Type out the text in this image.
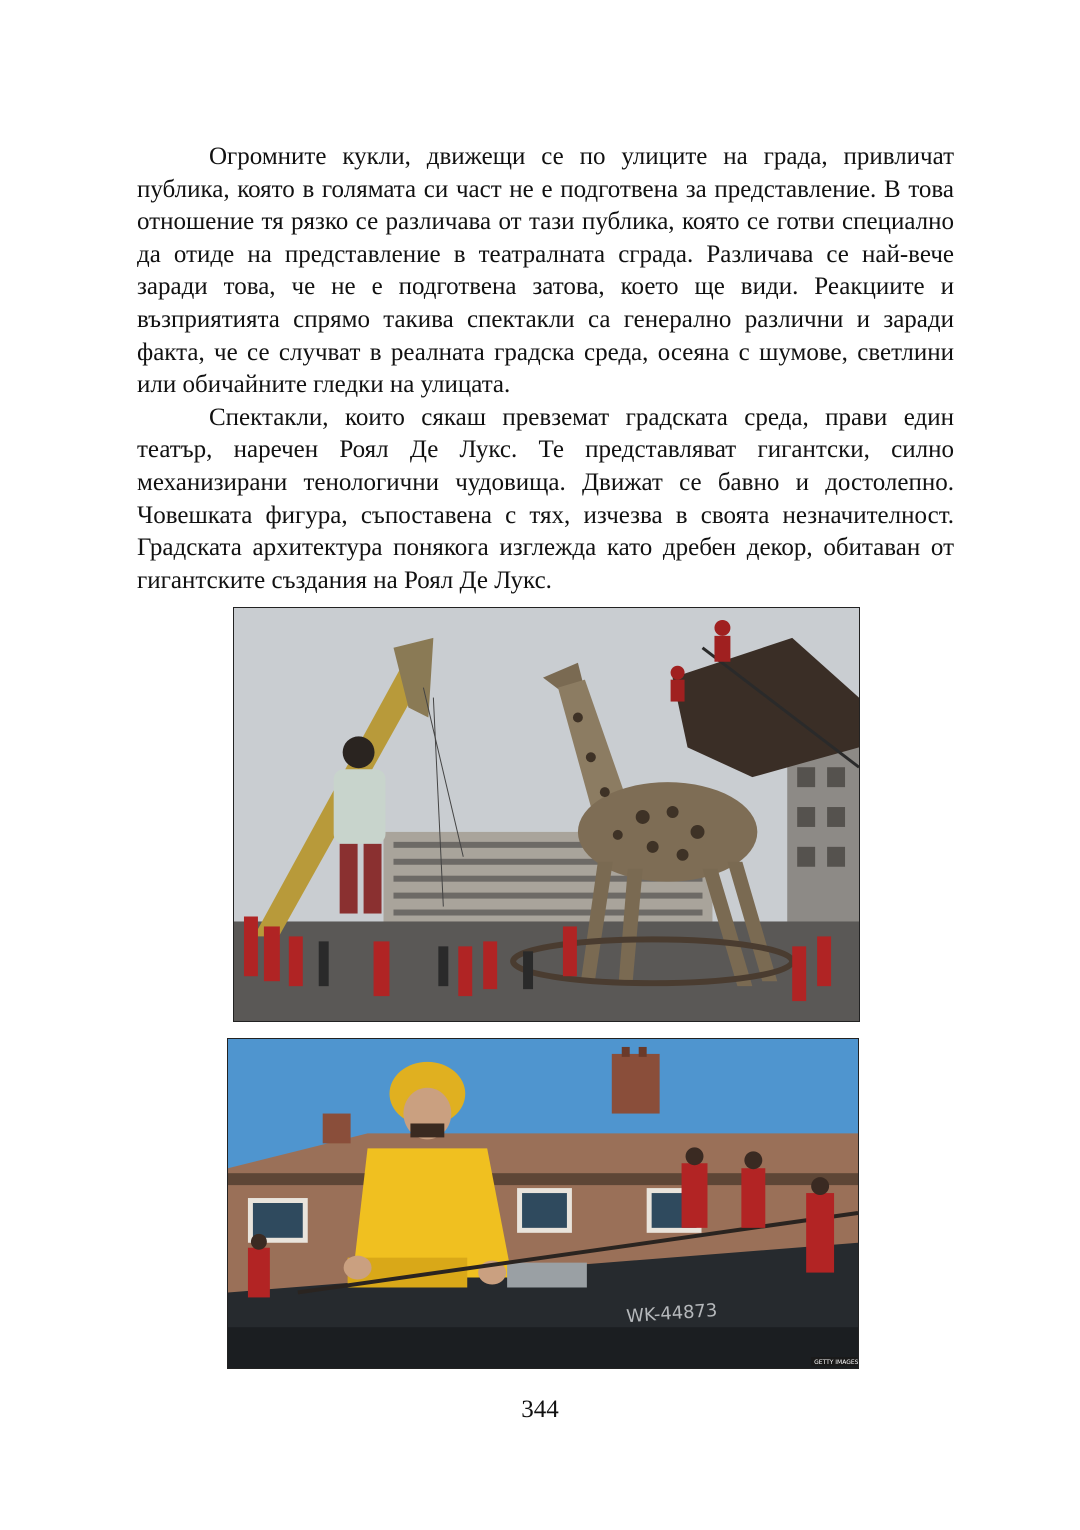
Огромните кукли, движещи се по улиците на града, привличат публика, която в голямата си част не е подготвена за представление. В това отношение тя рязко се различава от тази публика, която се готви специално да отиде на представление в театралната сграда. Различава се най-вече заради това, че не е подготвена затова, което ще види. Реакциите и възприятията спрямо такива спектакли са генерално различни и заради факта, че се случват в реалната градска среда, осеяна с шумове, светлини или обичайните гледки на улицата.

Спектакли, които сякаш превземат градската среда, прави един театър, наречен Роял Де Лукс. Те представляват гигантски, силно механизирани тенологични чудовища. Движат се бавно и достолепно. Човешката фигура, съпоставена с тях, изчезва в своята незначителност. Градската архитектура понякога изглежда като дребен декор, обитаван от гигантските създания на Роял Де Лукс.

WK-44873
GETTY IMAGES
344
